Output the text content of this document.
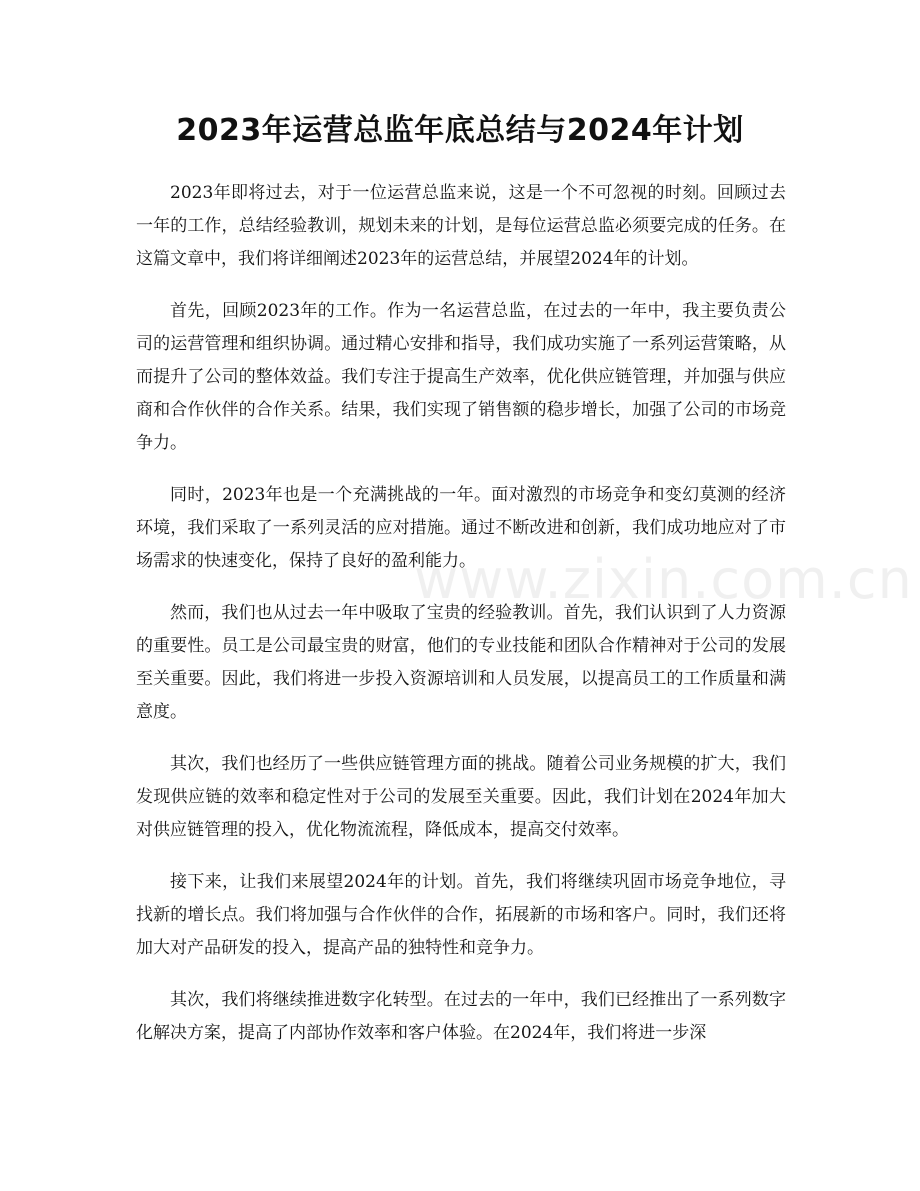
2023年运营总监年底总结与2024年计划

2023年即将过去，对于一位运营总监来说，这是一个不可忽视的时刻。回顾过去一年的工作，总结经验教训，规划未来的计划，是每位运营总监必须要完成的任务。在这篇文章中，我们将详细阐述2023年的运营总结，并展望2024年的计划。

首先，回顾2023年的工作。作为一名运营总监，在过去的一年中，我主要负责公司的运营管理和组织协调。通过精心安排和指导，我们成功实施了一系列运营策略，从而提升了公司的整体效益。我们专注于提高生产效率，优化供应链管理，并加强与供应商和合作伙伴的合作关系。结果，我们实现了销售额的稳步增长，加强了公司的市场竞争力。

同时，2023年也是一个充满挑战的一年。面对激烈的市场竞争和变幻莫测的经济环境，我们采取了一系列灵活的应对措施。通过不断改进和创新，我们成功地应对了市场需求的快速变化，保持了良好的盈利能力。

然而，我们也从过去一年中吸取了宝贵的经验教训。首先，我们认识到了人力资源的重要性。员工是公司最宝贵的财富，他们的专业技能和团队合作精神对于公司的发展至关重要。因此，我们将进一步投入资源培训和人员发展，以提高员工的工作质量和满意度。

其次，我们也经历了一些供应链管理方面的挑战。随着公司业务规模的扩大，我们发现供应链的效率和稳定性对于公司的发展至关重要。因此，我们计划在2024年加大对供应链管理的投入，优化物流流程，降低成本，提高交付效率。

接下来，让我们来展望2024年的计划。首先，我们将继续巩固市场竞争地位，寻找新的增长点。我们将加强与合作伙伴的合作，拓展新的市场和客户。同时，我们还将加大对产品研发的投入，提高产品的独特性和竞争力。

其次，我们将继续推进数字化转型。在过去的一年中，我们已经推出了一系列数字化解决方案，提高了内部协作效率和客户体验。在2024年，我们将进一步深

www.zixin.com.cn
